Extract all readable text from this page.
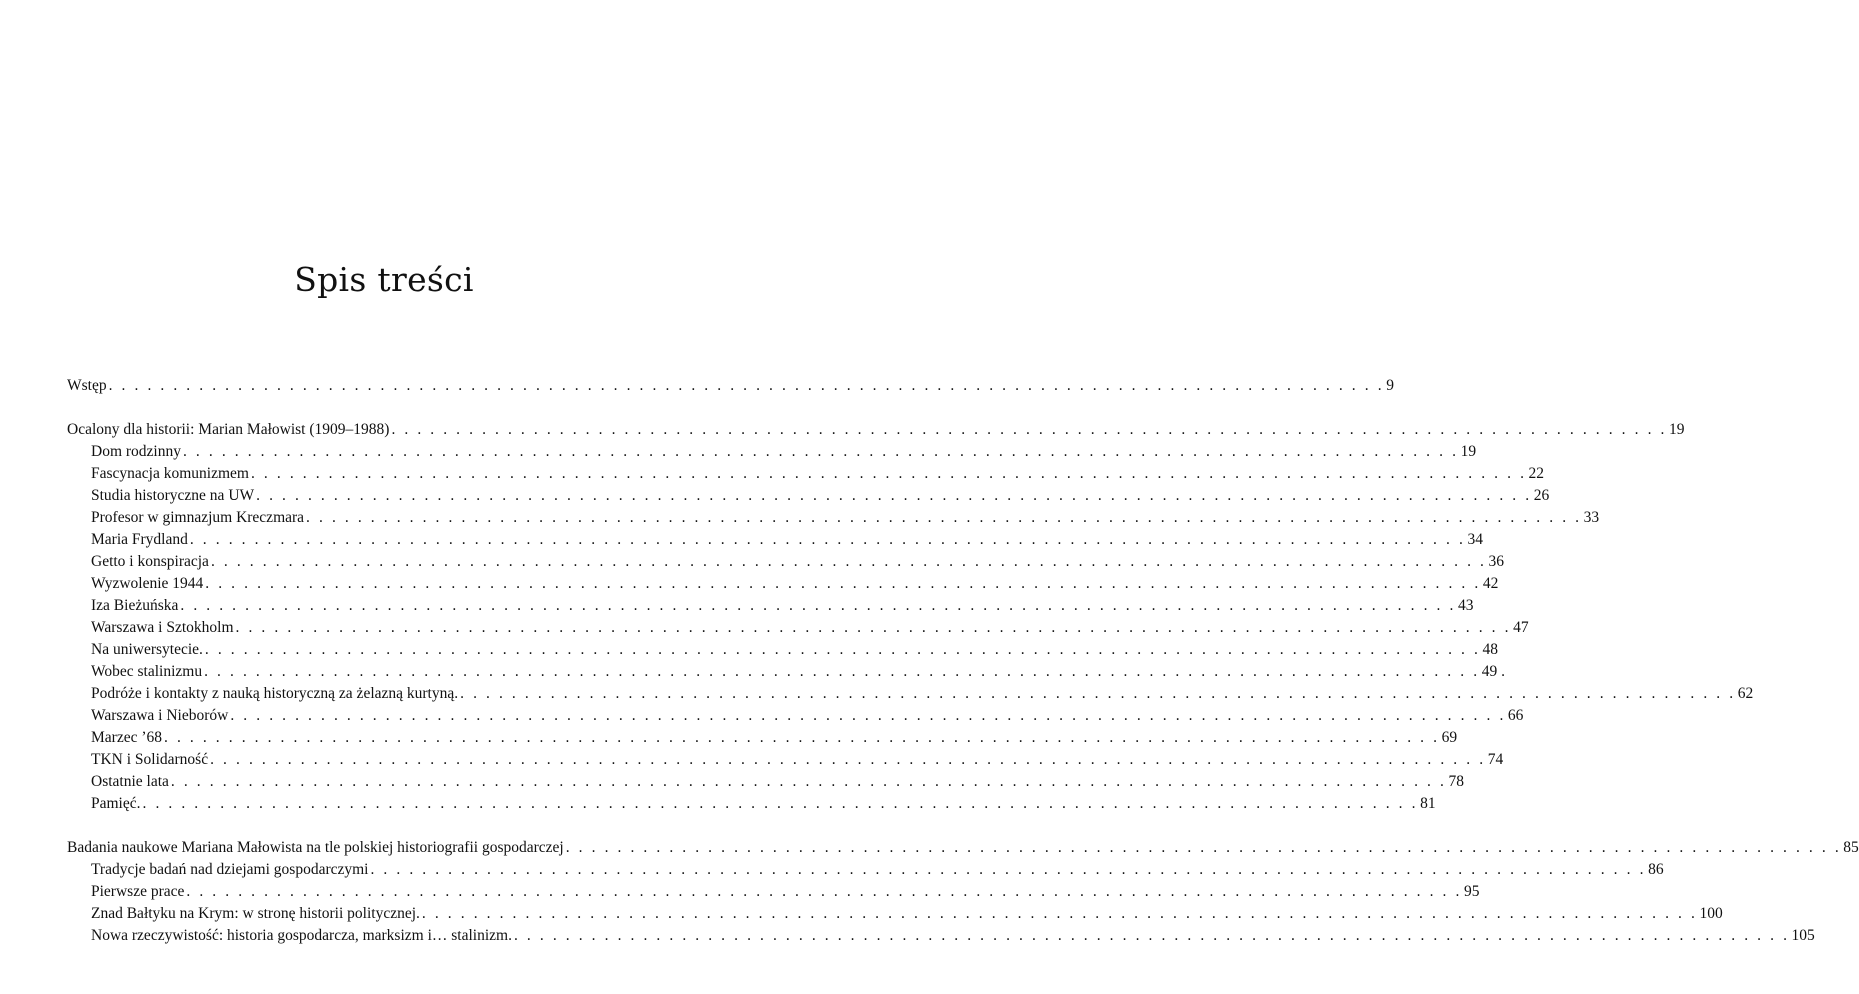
Spis treści
Wstęp . . . . . . . . . . . . . . . . . . . . . . . . . . . . . . . . . . . . . . . . . . . . . . . . . . . . . . . . . . . . . . . . . . . . . . . . . . . . . . . . . . . . . . . . . . . . . . . . . . . 9
Ocalony dla historii: Marian Małowist (1909–1988) . . . . . . . . . . . . . . . . . . . . . . . . . . . . . . . . . . . . . . . . . . . . . . . . . . . . . . . . . . . . . . . . . . . . . . . . . . . . . . . . . . . . . . . . . . . . . . . . . . . 19
Dom rodzinny . . . . . . . . . . . . . . . . . . . . . . . . . . . . . . . . . . . . . . . . . . . . . . . . . . . . . . . . . . . . . . . . . . . . . . . . . . . . . . . . . . . . . . . . . . . . . . . . . . . 19
Fascynacja komunizmem . . . . . . . . . . . . . . . . . . . . . . . . . . . . . . . . . . . . . . . . . . . . . . . . . . . . . . . . . . . . . . . . . . . . . . . . . . . . . . . . . . . . . . . . . . . . . . . . . . . 22
Studia historyczne na UW . . . . . . . . . . . . . . . . . . . . . . . . . . . . . . . . . . . . . . . . . . . . . . . . . . . . . . . . . . . . . . . . . . . . . . . . . . . . . . . . . . . . . . . . . . . . . . . . . . . 26
Profesor w gimnazjum Kreczmara . . . . . . . . . . . . . . . . . . . . . . . . . . . . . . . . . . . . . . . . . . . . . . . . . . . . . . . . . . . . . . . . . . . . . . . . . . . . . . . . . . . . . . . . . . . . . . . . . . . 33
Maria Frydland . . . . . . . . . . . . . . . . . . . . . . . . . . . . . . . . . . . . . . . . . . . . . . . . . . . . . . . . . . . . . . . . . . . . . . . . . . . . . . . . . . . . . . . . . . . . . . . . . . . 34
Getto i konspiracja . . . . . . . . . . . . . . . . . . . . . . . . . . . . . . . . . . . . . . . . . . . . . . . . . . . . . . . . . . . . . . . . . . . . . . . . . . . . . . . . . . . . . . . . . . . . . . . . . . . 36
Wyzwolenie 1944 . . . . . . . . . . . . . . . . . . . . . . . . . . . . . . . . . . . . . . . . . . . . . . . . . . . . . . . . . . . . . . . . . . . . . . . . . . . . . . . . . . . . . . . . . . . . . . . . . . . 42
Iza Bieżuńska . . . . . . . . . . . . . . . . . . . . . . . . . . . . . . . . . . . . . . . . . . . . . . . . . . . . . . . . . . . . . . . . . . . . . . . . . . . . . . . . . . . . . . . . . . . . . . . . . . . 43
Warszawa i Sztokholm . . . . . . . . . . . . . . . . . . . . . . . . . . . . . . . . . . . . . . . . . . . . . . . . . . . . . . . . . . . . . . . . . . . . . . . . . . . . . . . . . . . . . . . . . . . . . . . . . . . 47
Na uniwersytecie. . . . . . . . . . . . . . . . . . . . . . . . . . . . . . . . . . . . . . . . . . . . . . . . . . . . . . . . . . . . . . . . . . . . . . . . . . . . . . . . . . . . . . . . . . . . . . . . . . . . 48
Wobec stalinizmu . . . . . . . . . . . . . . . . . . . . . . . . . . . . . . . . . . . . . . . . . . . . . . . . . . . . . . . . . . . . . . . . . . . . . . . . . . . . . . . . . . . . . . . . . . . . . . . . . . . 49 .
Podróże i kontakty z nauką historyczną za żelazną kurtyną. . . . . . . . . . . . . . . . . . . . . . . . . . . . . . . . . . . . . . . . . . . . . . . . . . . . . . . . . . . . . . . . . . . . . . . . . . . . . . . . . . . . . . . . . . . . . . . . . . . . 62
Warszawa i Nieborów . . . . . . . . . . . . . . . . . . . . . . . . . . . . . . . . . . . . . . . . . . . . . . . . . . . . . . . . . . . . . . . . . . . . . . . . . . . . . . . . . . . . . . . . . . . . . . . . . . . 66
Marzec ’68 . . . . . . . . . . . . . . . . . . . . . . . . . . . . . . . . . . . . . . . . . . . . . . . . . . . . . . . . . . . . . . . . . . . . . . . . . . . . . . . . . . . . . . . . . . . . . . . . . . . 69
TKN i Solidarność . . . . . . . . . . . . . . . . . . . . . . . . . . . . . . . . . . . . . . . . . . . . . . . . . . . . . . . . . . . . . . . . . . . . . . . . . . . . . . . . . . . . . . . . . . . . . . . . . . . 74
Ostatnie lata . . . . . . . . . . . . . . . . . . . . . . . . . . . . . . . . . . . . . . . . . . . . . . . . . . . . . . . . . . . . . . . . . . . . . . . . . . . . . . . . . . . . . . . . . . . . . . . . . . . 78
Pamięć. . . . . . . . . . . . . . . . . . . . . . . . . . . . . . . . . . . . . . . . . . . . . . . . . . . . . . . . . . . . . . . . . . . . . . . . . . . . . . . . . . . . . . . . . . . . . . . . . . . . 81
Badania naukowe Mariana Małowista na tle polskiej historiografii gospodarczej . . . . . . . . . . . . . . . . . . . . . . . . . . . . . . . . . . . . . . . . . . . . . . . . . . . . . . . . . . . . . . . . . . . . . . . . . . . . . . . . . . . . . . . . . . . . . . . . . . . 85
Tradycje badań nad dziejami gospodarczymi . . . . . . . . . . . . . . . . . . . . . . . . . . . . . . . . . . . . . . . . . . . . . . . . . . . . . . . . . . . . . . . . . . . . . . . . . . . . . . . . . . . . . . . . . . . . . . . . . . . 86
Pierwsze prace . . . . . . . . . . . . . . . . . . . . . . . . . . . . . . . . . . . . . . . . . . . . . . . . . . . . . . . . . . . . . . . . . . . . . . . . . . . . . . . . . . . . . . . . . . . . . . . . . . . 95
Znad Bałtyku na Krym: w stronę historii politycznej. . . . . . . . . . . . . . . . . . . . . . . . . . . . . . . . . . . . . . . . . . . . . . . . . . . . . . . . . . . . . . . . . . . . . . . . . . . . . . . . . . . . . . . . . . . . . . . . . . . . 100
Nowa rzeczywistość: historia gospodarcza, marksizm i… stalinizm. . . . . . . . . . . . . . . . . . . . . . . . . . . . . . . . . . . . . . . . . . . . . . . . . . . . . . . . . . . . . . . . . . . . . . . . . . . . . . . . . . . . . . . . . . . . . . . . . . . . 105
